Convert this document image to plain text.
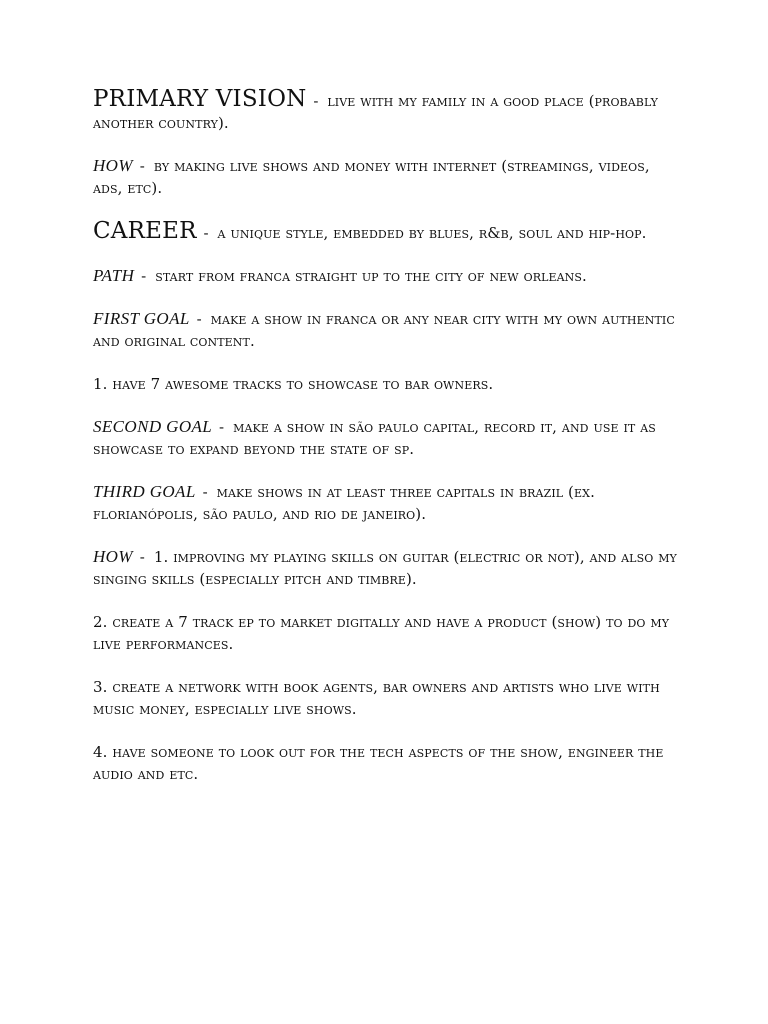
PRIMARY VISION - live with my family in a good place (probably another country).

HOW - by making live shows and money with internet (streamings, videos, ads, etc).

CAREER - a unique style, embedded by blues, r&b, soul and hip-hop.

PATH - start from franca straight up to the city of new orleans.

FIRST GOAL - make a show in franca or any near city with my own authentic and original content.

1. have 7 awesome tracks to showcase to bar owners.

SECOND GOAL - make a show in são paulo capital, record it, and use it as showcase to expand beyond the state of sp.

THIRD GOAL - make shows in at least three capitals in brazil (ex. florianópolis, são paulo, and rio de janeiro).

HOW - 1. improving my playing skills on guitar (electric or not), and also my singing skills (especially pitch and timbre).

2. create a 7 track ep to market digitally and have a product (show) to do my live performances.

3. create a network with book agents, bar owners and artists who live with music money, especially live shows.

4. have someone to look out for the tech aspects of the show, engineer the audio and etc.
